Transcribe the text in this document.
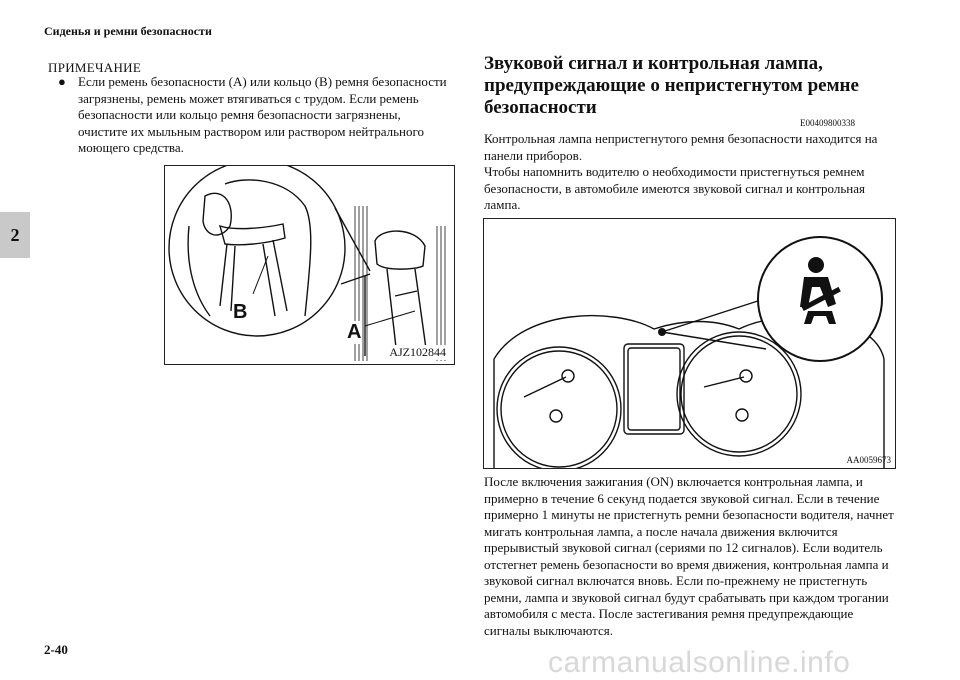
Сиденья и ремни безопасности
2
ПРИМЕЧАНИЕ
● Если ремень безопасности (А) или кольцо (В) ремня безопасности загрязнены, ремень может втягиваться с трудом. Если ремень безопасности или кольцо ремня безопасности загрязнены, очистите их мыльным раствором или раствором нейтрального моющего средства.
B
A
AJZ102844
Звуковой сигнал и контрольная лампа, предупреждающие о непристегнутом ремне безопасности
E00409800338
Контрольная лампа непристегнутого ремня безопасности находится на панели приборов.
Чтобы напомнить водителю о необходимости пристегнуться ремнем безопасности, в автомобиле имеются звуковой сигнал и контрольная лампа.
AA0059673
После включения зажигания (ON) включается контрольная лампа, и примерно в течение 6 секунд подается звуковой сигнал. Если в течение примерно 1 минуты не пристегнуть ремни безопасности водителя, начнет мигать контрольная лампа, а после начала движения включится прерывистый звуковой сигнал (сериями по 12 сигналов). Если водитель отстегнет ремень безопасности во время движения, контрольная лампа и звуковой сигнал включатся вновь. Если по-прежнему не пристегнуть ремни, лампа и звуковой сигнал будут срабатывать при каждом трогании автомобиля с места. После застегивания ремня предупреждающие сигналы выключаются.
2-40	carmanualsonline.info
